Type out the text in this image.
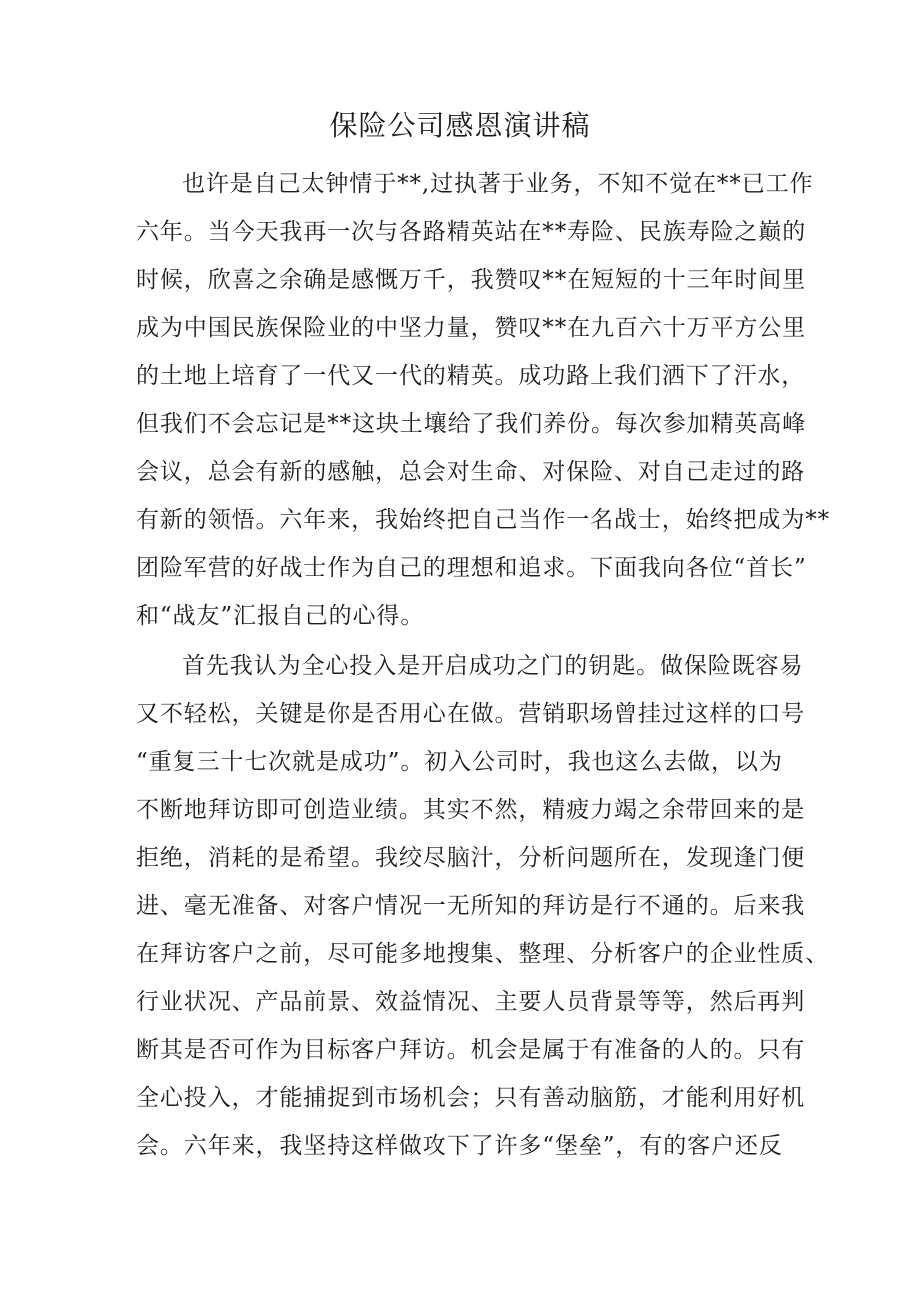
保险公司感恩演讲稿

也许是自己太钟情于**,过执著于业务，不知不觉在**已工作

六年。当今天我再一次与各路精英站在**寿险、民族寿险之巅的

时候，欣喜之余确是感慨万千，我赞叹**在短短的十三年时间里

成为中国民族保险业的中坚力量，赞叹**在九百六十万平方公里

的土地上培育了一代又一代的精英。成功路上我们洒下了汗水，

但我们不会忘记是**这块土壤给了我们养份。每次参加精英高峰

会议，总会有新的感触，总会对生命、对保险、对自己走过的路

有新的领悟。六年来，我始终把自己当作一名战士，始终把成为**

团险军营的好战士作为自己的理想和追求。下面我向各位“首长”

和“战友”汇报自己的心得。

首先我认为全心投入是开启成功之门的钥匙。做保险既容易

又不轻松，关键是你是否用心在做。营销职场曾挂过这样的口号

“重复三十七次就是成功”。初入公司时，我也这么去做，以为

不断地拜访即可创造业绩。其实不然，精疲力竭之余带回来的是

拒绝，消耗的是希望。我绞尽脑汁，分析问题所在，发现逢门便

进、毫无准备、对客户情况一无所知的拜访是行不通的。后来我

在拜访客户之前，尽可能多地搜集、整理、分析客户的企业性质、

行业状况、产品前景、效益情况、主要人员背景等等，然后再判

断其是否可作为目标客户拜访。机会是属于有准备的人的。只有

全心投入，才能捕捉到市场机会；只有善动脑筋，才能利用好机

会。六年来，我坚持这样做攻下了许多“堡垒”，有的客户还反
